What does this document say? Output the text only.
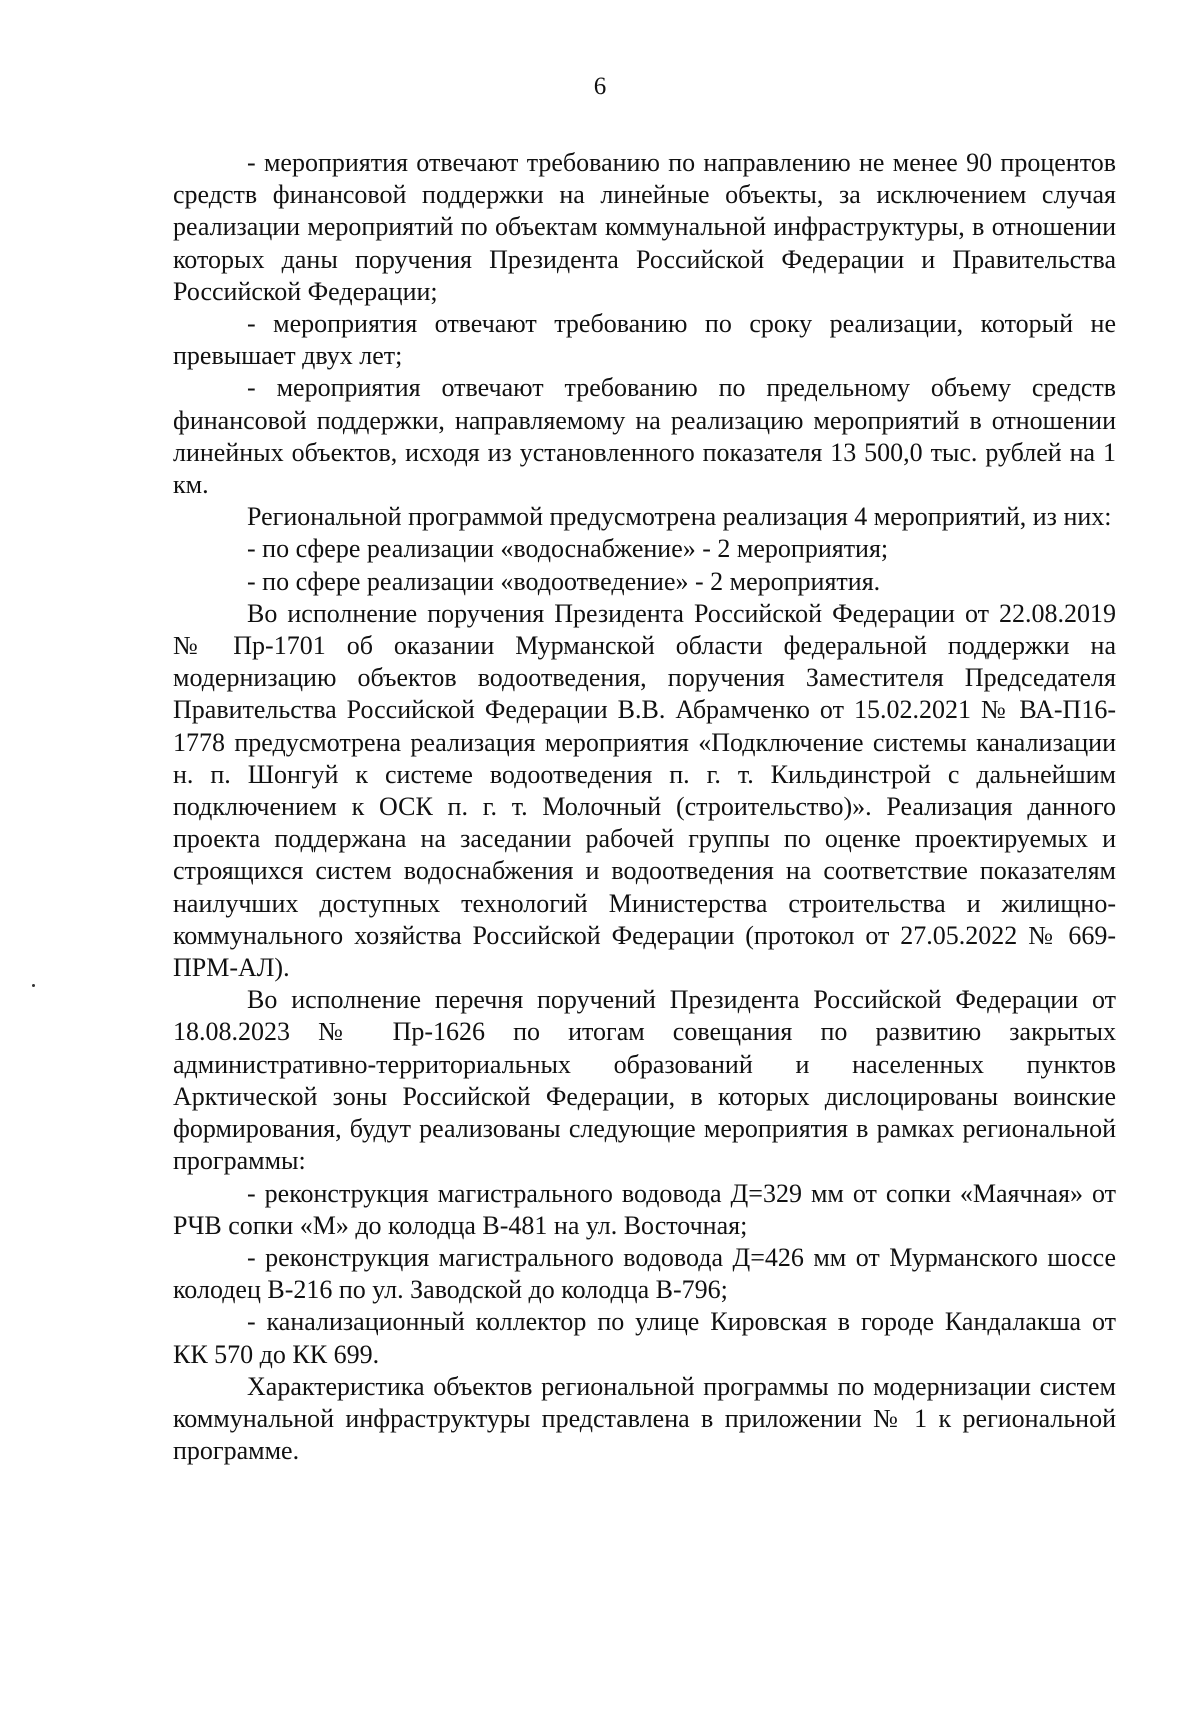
6

- мероприятия отвечают требованию по направлению не менее 90 процентов средств финансовой поддержки на линейные объекты, за исключением случая реализации мероприятий по объектам коммунальной инфраструктуры, в отношении которых даны поручения Президента Российской Федерации и Правительства Российской Федерации;

- мероприятия отвечают требованию по сроку реализации, который не превышает двух лет;

- мероприятия отвечают требованию по предельному объему средств финансовой поддержки, направляемому на реализацию мероприятий в отношении линейных объектов, исходя из установленного показателя 13 500,0 тыс. рублей на 1 км.

Региональной программой предусмотрена реализация 4 мероприятий, из них:

- по сфере реализации «водоснабжение» - 2 мероприятия;

- по сфере реализации «водоотведение» - 2 мероприятия.

Во исполнение поручения Президента Российской Федерации от 22.08.2019 № Пр-1701 об оказании Мурманской области федеральной поддержки на модернизацию объектов водоотведения, поручения Заместителя Председателя Правительства Российской Федерации В.В. Абрамченко от 15.02.2021 № ВА-П16-1778 предусмотрена реализация мероприятия «Подключение системы канализации н. п. Шонгуй к системе водоотведения п. г. т. Кильдинстрой с дальнейшим подключением к ОСК п. г. т. Молочный (строительство)». Реализация данного проекта поддержана на заседании рабочей группы по оценке проектируемых и строящихся систем водоснабжения и водоотведения на соответствие показателям наилучших доступных технологий Министерства строительства и жилищно-коммунального хозяйства Российской Федерации (протокол от 27.05.2022 № 669-ПРМ-АЛ).

Во исполнение перечня поручений Президента Российской Федерации от 18.08.2023 № Пр-1626 по итогам совещания по развитию закрытых административно-территориальных образований и населенных пунктов Арктической зоны Российской Федерации, в которых дислоцированы воинские формирования, будут реализованы следующие мероприятия в рамках региональной программы:

- реконструкция магистрального водовода Д=329 мм от сопки «Маячная» от РЧВ сопки «М» до колодца В-481 на ул. Восточная;

- реконструкция магистрального водовода Д=426 мм от Мурманского шоссе колодец В-216 по ул. Заводской до колодца В-796;

- канализационный коллектор по улице Кировская в городе Кандалакша от КК 570 до КК 699.

Характеристика объектов региональной программы по модернизации систем коммунальной инфраструктуры представлена в приложении № 1 к региональной программе.
